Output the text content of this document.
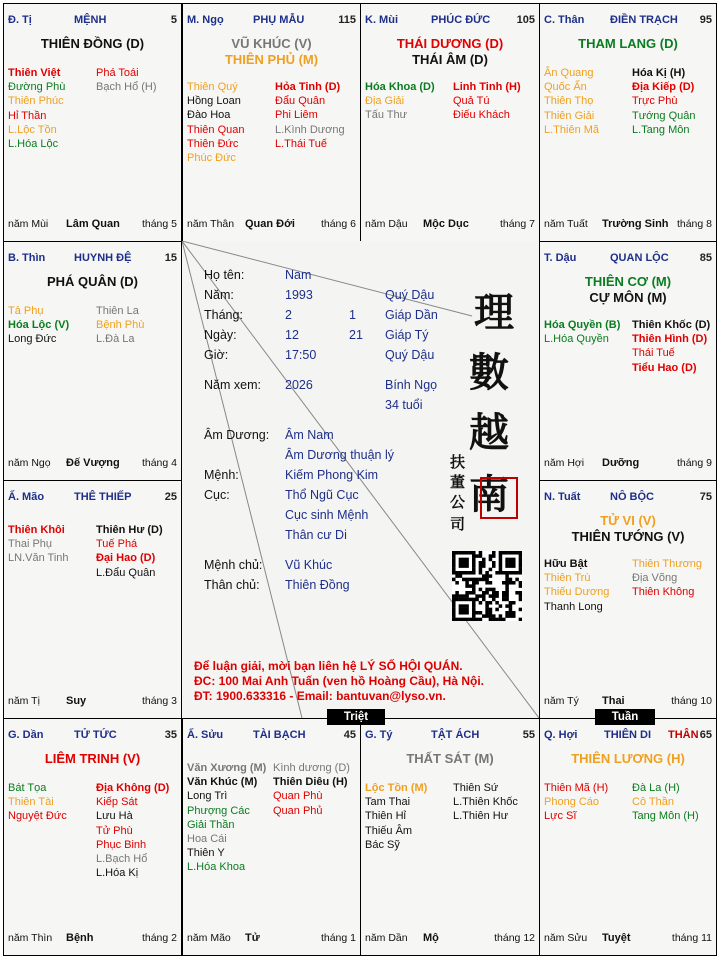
Đ. Tị	MỆNH	5
THIÊN ĐỒNG (D)
Thiên Việt
Đường Phù
Thiên Phúc
Hỉ Thần
L.Lộc Tồn
L.Hóa Lộc
Phá Toái
Bạch Hổ (H)
năm Mùi Lâm Quan tháng 5
M. Ngọ	PHỤ MẪU	115
VŨ KHÚC (V)
THIÊN PHỦ (M)
Thiên Quý
Hồng Loan
Đào Hoa
Thiên Quan
Thiên Đức
Phúc Đức
Hỏa Tinh (D)
Đẩu Quân
Phi Liêm
L.Kình Dương
L.Thái Tuế
năm Thân Quan Đới tháng 6
K. Mùi	PHÚC ĐỨC 105
THÁI DƯƠNG (D)
THÁI ÂM (D)
Hóa Khoa (D)
Địa Giải
Tấu Thư
Linh Tinh (H)
Quả Tú
Điếu Khách
năm Dậu Mộc Dục	tháng 7
C. Thân ĐIỀN TRẠCH 95
THAM LANG (D)
Ân Quang
Quốc Ấn
Thiên Thọ
Thiên Giải
L.Thiên Mã
Hóa Kị (H)
Địa Kiếp (D)
Trực Phù
Tướng Quân
L.Tang Môn
năm Tuất Trường Sinh tháng 8
B. Thìn	HUYNH ĐỆ	15
PHÁ QUÂN (D)
Tả Phụ
Hóa Lộc (V)
Long Đức
Thiên La
Bệnh Phù
L.Đà La
năm Ngọ Đế Vượng tháng 4
T. Dậu	QUAN LỘC	85
THIÊN CƠ (M)
CỰ MÔN (M)
Hóa Quyền (B)
L.Hóa Quyền
Thiên Khốc (D)
Thiên Hình (D)
Thái Tuế
Tiểu Hao (D)
năm Hợi Dưỡng	tháng 9
Ấ. Mão	THÊ THIẾP	25
Thiên Khôi
Thai Phụ
LN.Văn Tinh
Thiên Hư (D)
Tuế Phá
Đại Hao (D)
L.Đẩu Quân
năm Tị Suy	tháng 3
N. Tuất	NÔ BỘC	75
TỬ VI (V)
THIÊN TƯỚNG (V)
Hữu Bật
Thiên Trù
Thiếu Dương
Thanh Long
Thiên Thương
Địa Võng
Thiên Không
năm Tý Thai	tháng 10
G. Dần	TỬ TỨC	35
LIÊM TRINH (V)
Bát Tọa
Thiên Tài
Nguyệt Đức
Địa Không (D)
Kiếp Sát
Lưu Hà
Tử Phù
Phục Binh
L.Bạch Hổ
L.Hóa Kị
năm Thìn Bệnh	tháng 2
Ấ. Sửu	TÀI BẠCH	45
Văn Xương (M)
Văn Khúc (M)
Long Trì
Phượng Các
Giải Thần
Hoa Cái
Thiên Y
L.Hóa Khoa
Kình dương (D)
Thiên Diêu (H)
Quan Phù
Quan Phủ
năm Mão Tử	tháng 1
G. Tý	TẬT ÁCH	55
THẤT SÁT (M)
Lộc Tồn (M)
Tam Thai
Thiên Hỉ
Thiếu Âm
Bác Sỹ
Thiên Sứ
L.Thiên Khốc
L.Thiên Hư
năm Dần Mộ	tháng 12
Q. Hợi THIÊN DI THÂN 65
THIÊN LƯƠNG (H)
Thiên Mã (H)
Phong Cáo
Lực Sĩ
Đà La (H)
Cô Thần
Tang Môn (H)
năm Sửu Tuyệt	tháng 11
Họ tên:	Nam
Năm:	1993	Quý Dậu
Tháng:	2	1 Giáp Dần
Ngày:	12	21 Giáp Tý
Giờ:	17:50	Quý Dậu
Năm xem: 2026	Bính Ngọ
34 tuổi
Âm Dương: Âm Nam
Âm Dương thuận lý
Mệnh:	Kiếm Phong Kim
Cục:	Thổ Ngũ Cục
Cục sinh Mệnh
Thân cư Di
Mệnh chủ: Vũ Khúc
Thân chủ: Thiên Đồng
理
數
越
南
扶
董
公
司
Để luận giải, mời bạn liên hệ LÝ SỐ HỘI QUÁN.
ĐC: 100 Mai Anh Tuấn (ven hồ Hoàng Cầu), Hà Nội.
ĐT: 1900.633316 - Email: bantuvan@lyso.vn.
Triệt	Tuần
